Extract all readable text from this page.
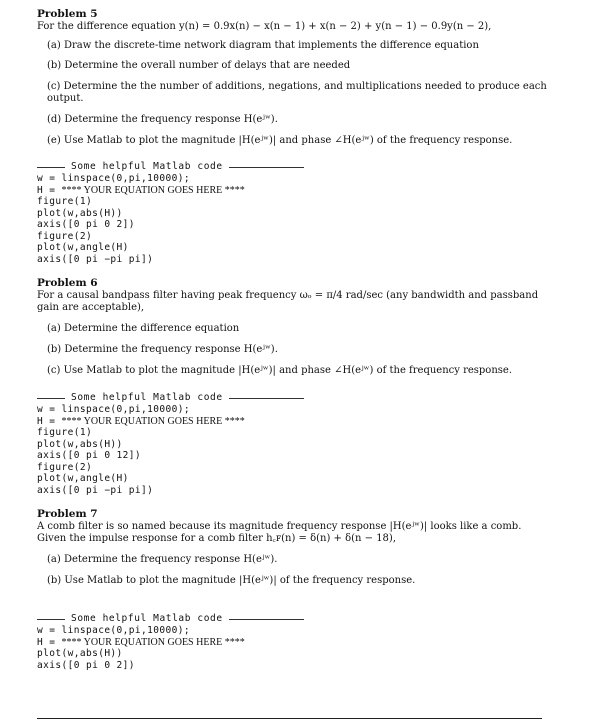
Problem 5
For the difference equation y(n) = 0.9x(n) − x(n − 1) + x(n − 2) + y(n − 1) − 0.9y(n − 2),
(a) Draw the discrete-time network diagram that implements the difference equation
(b) Determine the overall number of delays that are needed
(c) Determine the the number of additions, negations, and multiplications needed to produce each output.
(d) Determine the frequency response H(eʲʷ).
(e) Use Matlab to plot the magnitude |H(eʲʷ)| and phase ∠H(eʲʷ) of the frequency response.
Some helpful Matlab code
w = linspace(0,pi,10000);
H = **** YOUR EQUATION GOES HERE ****
figure(1)
plot(w,abs(H))
axis([0 pi 0 2])
figure(2)
plot(w,angle(H)
axis([0 pi −pi pi])
Problem 6
For a causal bandpass filter having peak frequency ωₒ = π/4 rad/sec (any bandwidth and passband gain are acceptable),
(a) Determine the difference equation
(b) Determine the frequency response H(eʲʷ).
(c) Use Matlab to plot the magnitude |H(eʲʷ)| and phase ∠H(eʲʷ) of the frequency response.
Some helpful Matlab code
w = linspace(0,pi,10000);
H = **** YOUR EQUATION GOES HERE ****
figure(1)
plot(w,abs(H))
axis([0 pi 0 12])
figure(2)
plot(w,angle(H)
axis([0 pi −pi pi])
Problem 7
A comb filter is so named because its magnitude frequency response |H(eʲʷ)| looks like a comb. Given the impulse response for a comb filter h꜀ꜰ(n) = δ(n) + δ(n − 18),
(a) Determine the frequency response H(eʲʷ).
(b) Use Matlab to plot the magnitude |H(eʲʷ)| of the frequency response.
Some helpful Matlab code
w = linspace(0,pi,10000);
H = **** YOUR EQUATION GOES HERE ****
plot(w,abs(H))
axis([0 pi 0 2])
